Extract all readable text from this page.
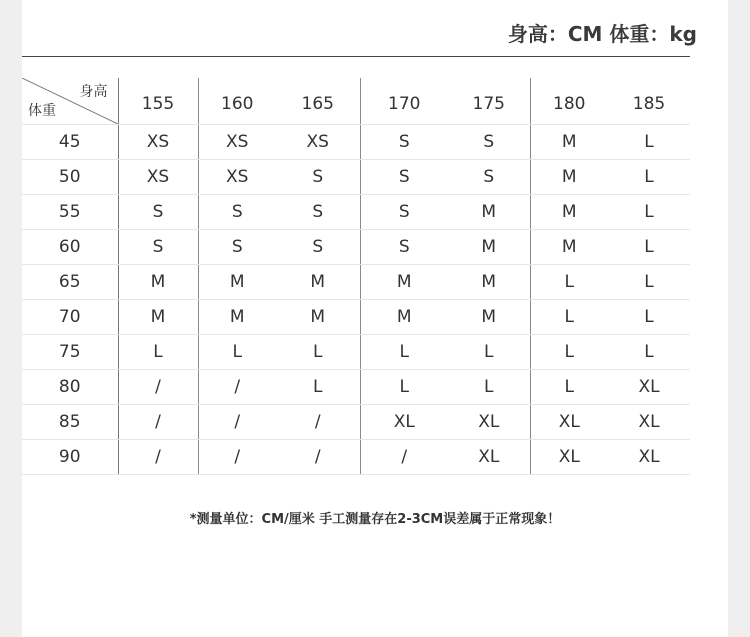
身高：CM 体重：kg
身高
体重	155	160	165	170	175	180	185
45	XS	XS	XS	S	S	M	L
50	XS	XS	S	S	S	M	L
55	S	S	S	S	M	M	L
60	S	S	S	S	M	M	L
65	M	M	M	M	M	L	L
70	M	M	M	M	M	L	L
75	L	L	L	L	L	L	L
80	/	/	L	L	L	L	XL
85	/	/	/	XL	XL	XL	XL
90	/	/	/	/	XL	XL	XL
*测量单位：CM/厘米 手工测量存在2-3CM误差属于正常现象！
